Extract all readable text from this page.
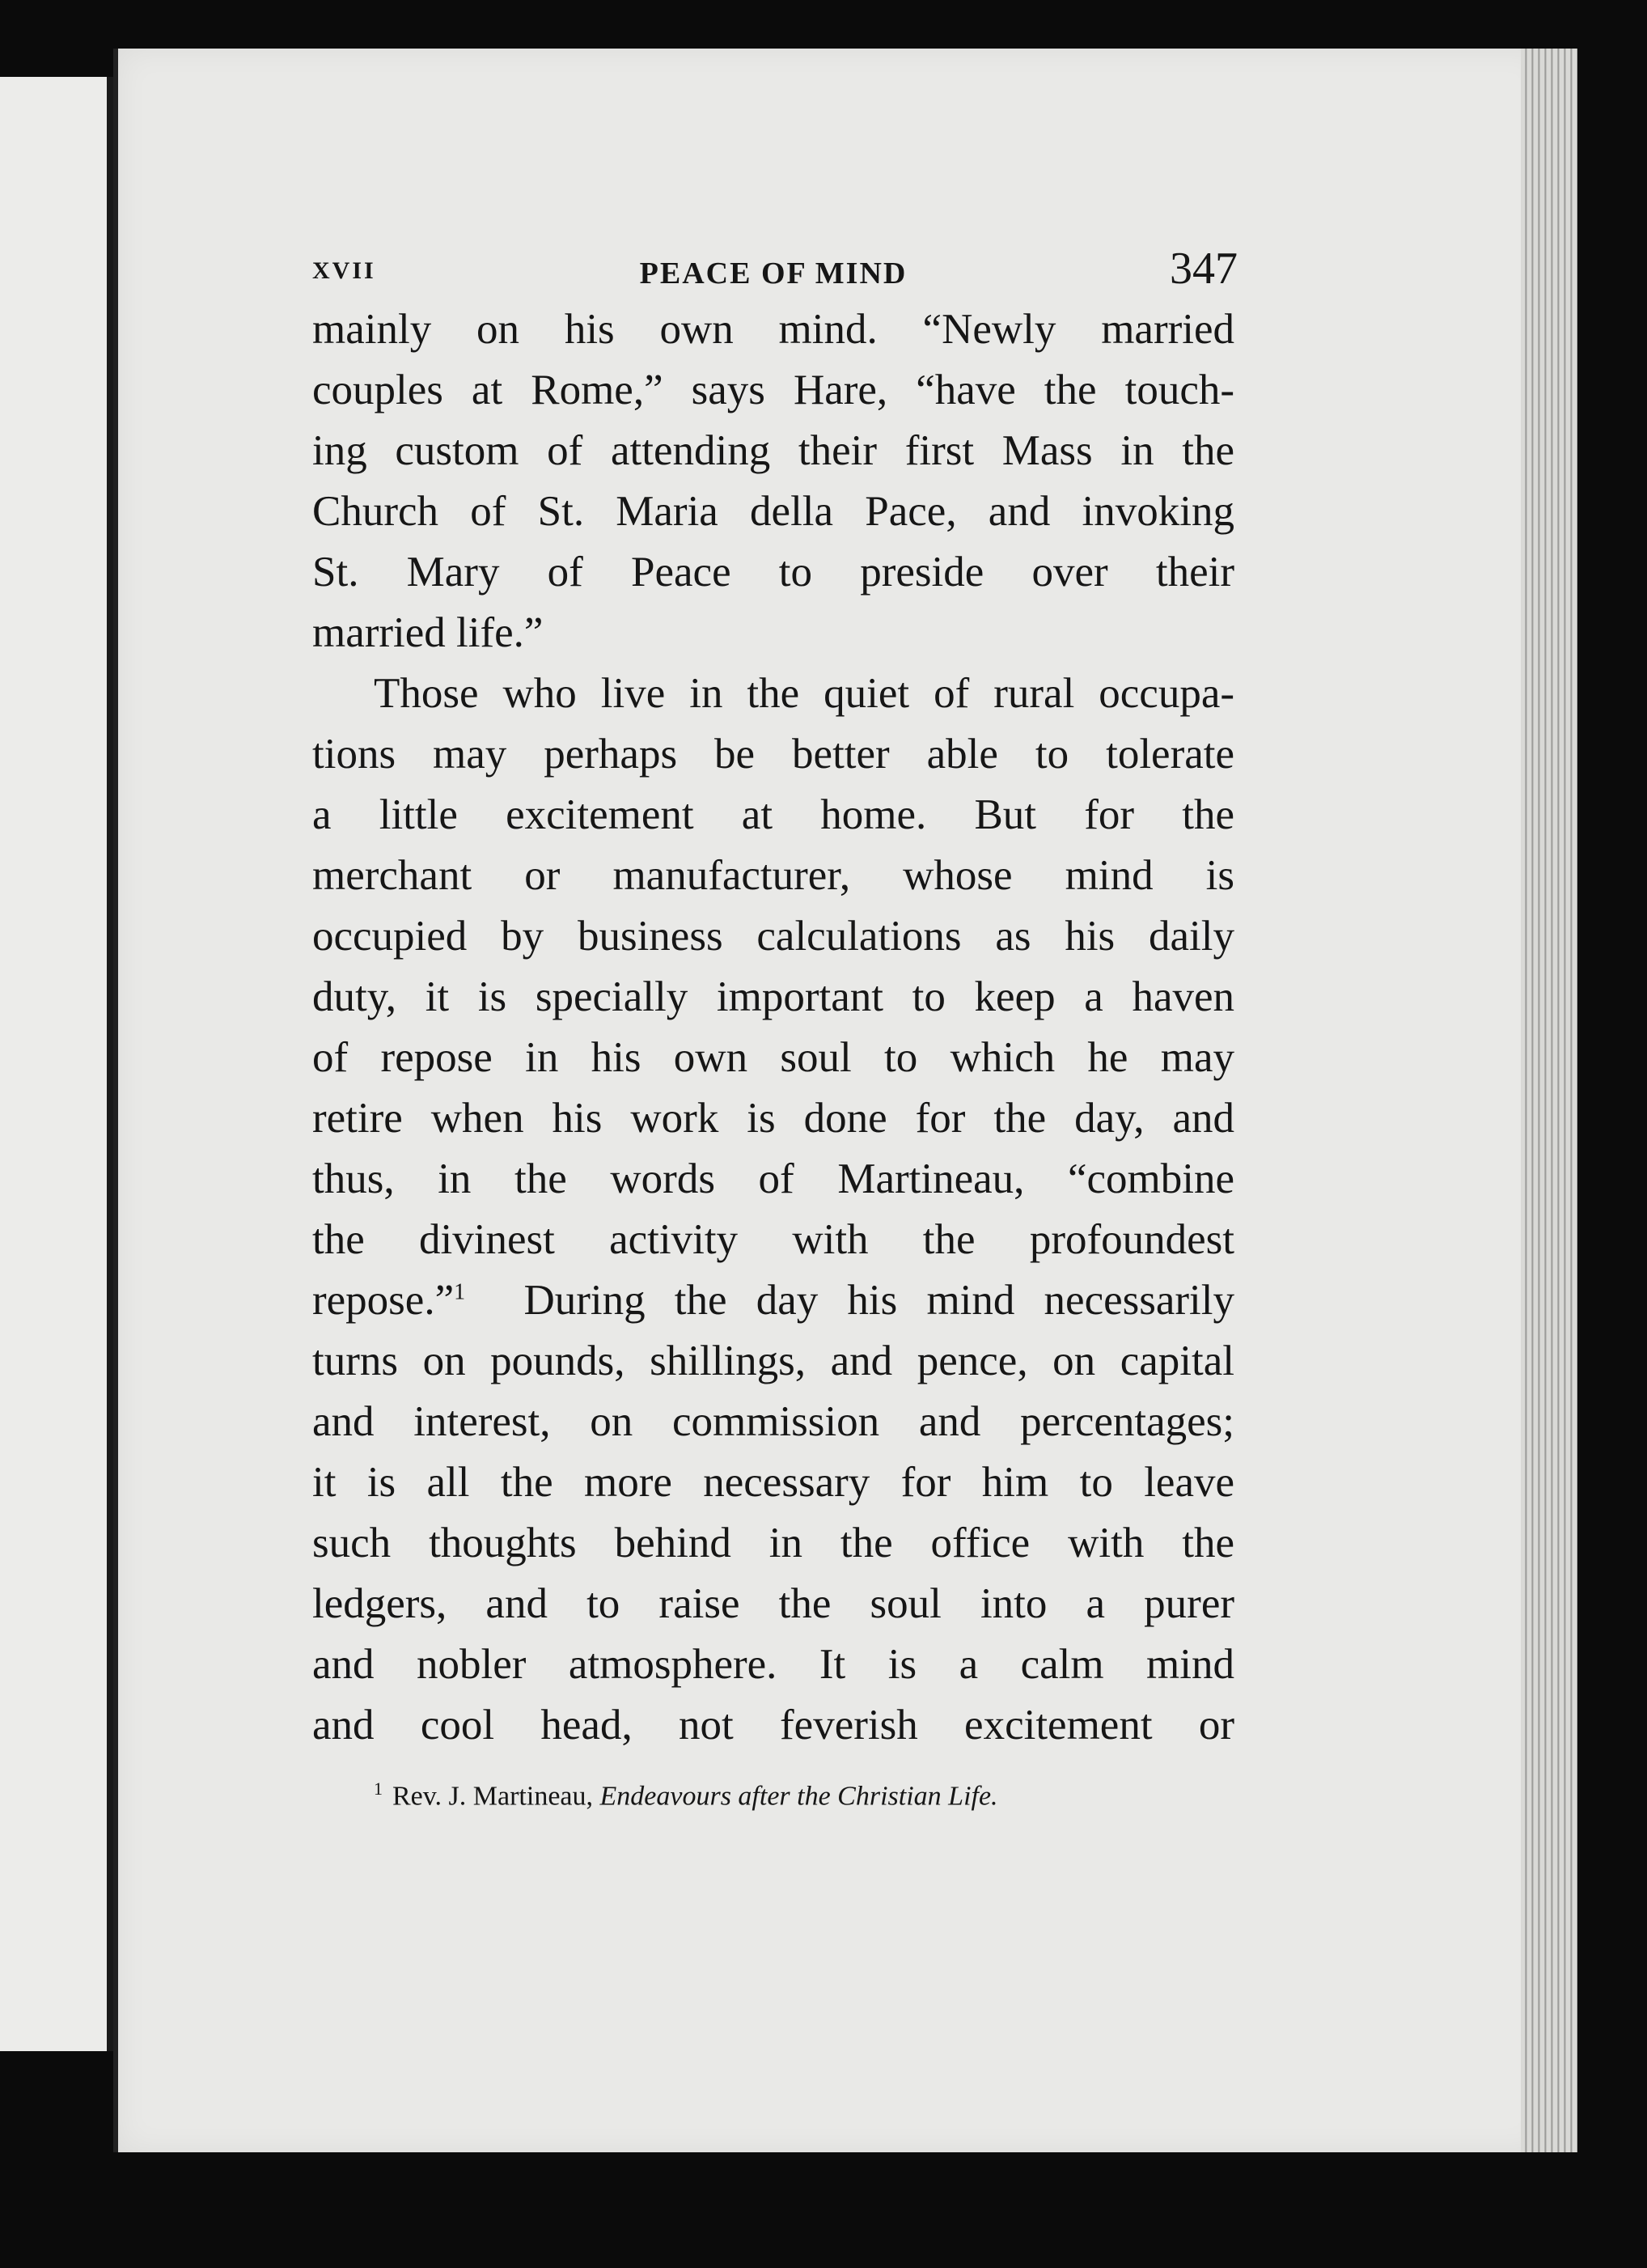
XVII	PEACE OF MIND	347
mainly on his own mind. “Newly married
couples at Rome,” says Hare, “have the touch-
ing custom of attending their first Mass in the
Church of St. Maria della Pace, and invoking
St. Mary of Peace to preside over their
married life.”
Those who live in the quiet of rural occupa-
tions may perhaps be better able to tolerate
a little excitement at home. But for the
merchant or manufacturer, whose mind is
occupied by business calculations as his daily
duty, it is specially important to keep a haven
of repose in his own soul to which he may
retire when his work is done for the day, and
thus, in the words of Martineau, “combine
the divinest activity with the profoundest
repose.”$^1$ During the day his mind necessarily
turns on pounds, shillings, and pence, on capital
and interest, on commission and percentages;
it is all the more necessary for him to leave
such thoughts behind in the office with the
ledgers, and to raise the soul into a purer
and nobler atmosphere. It is a calm mind
and cool head, not feverish excitement or
$^1$ Rev. J. Martineau, Endeavours after the Christian Life.
